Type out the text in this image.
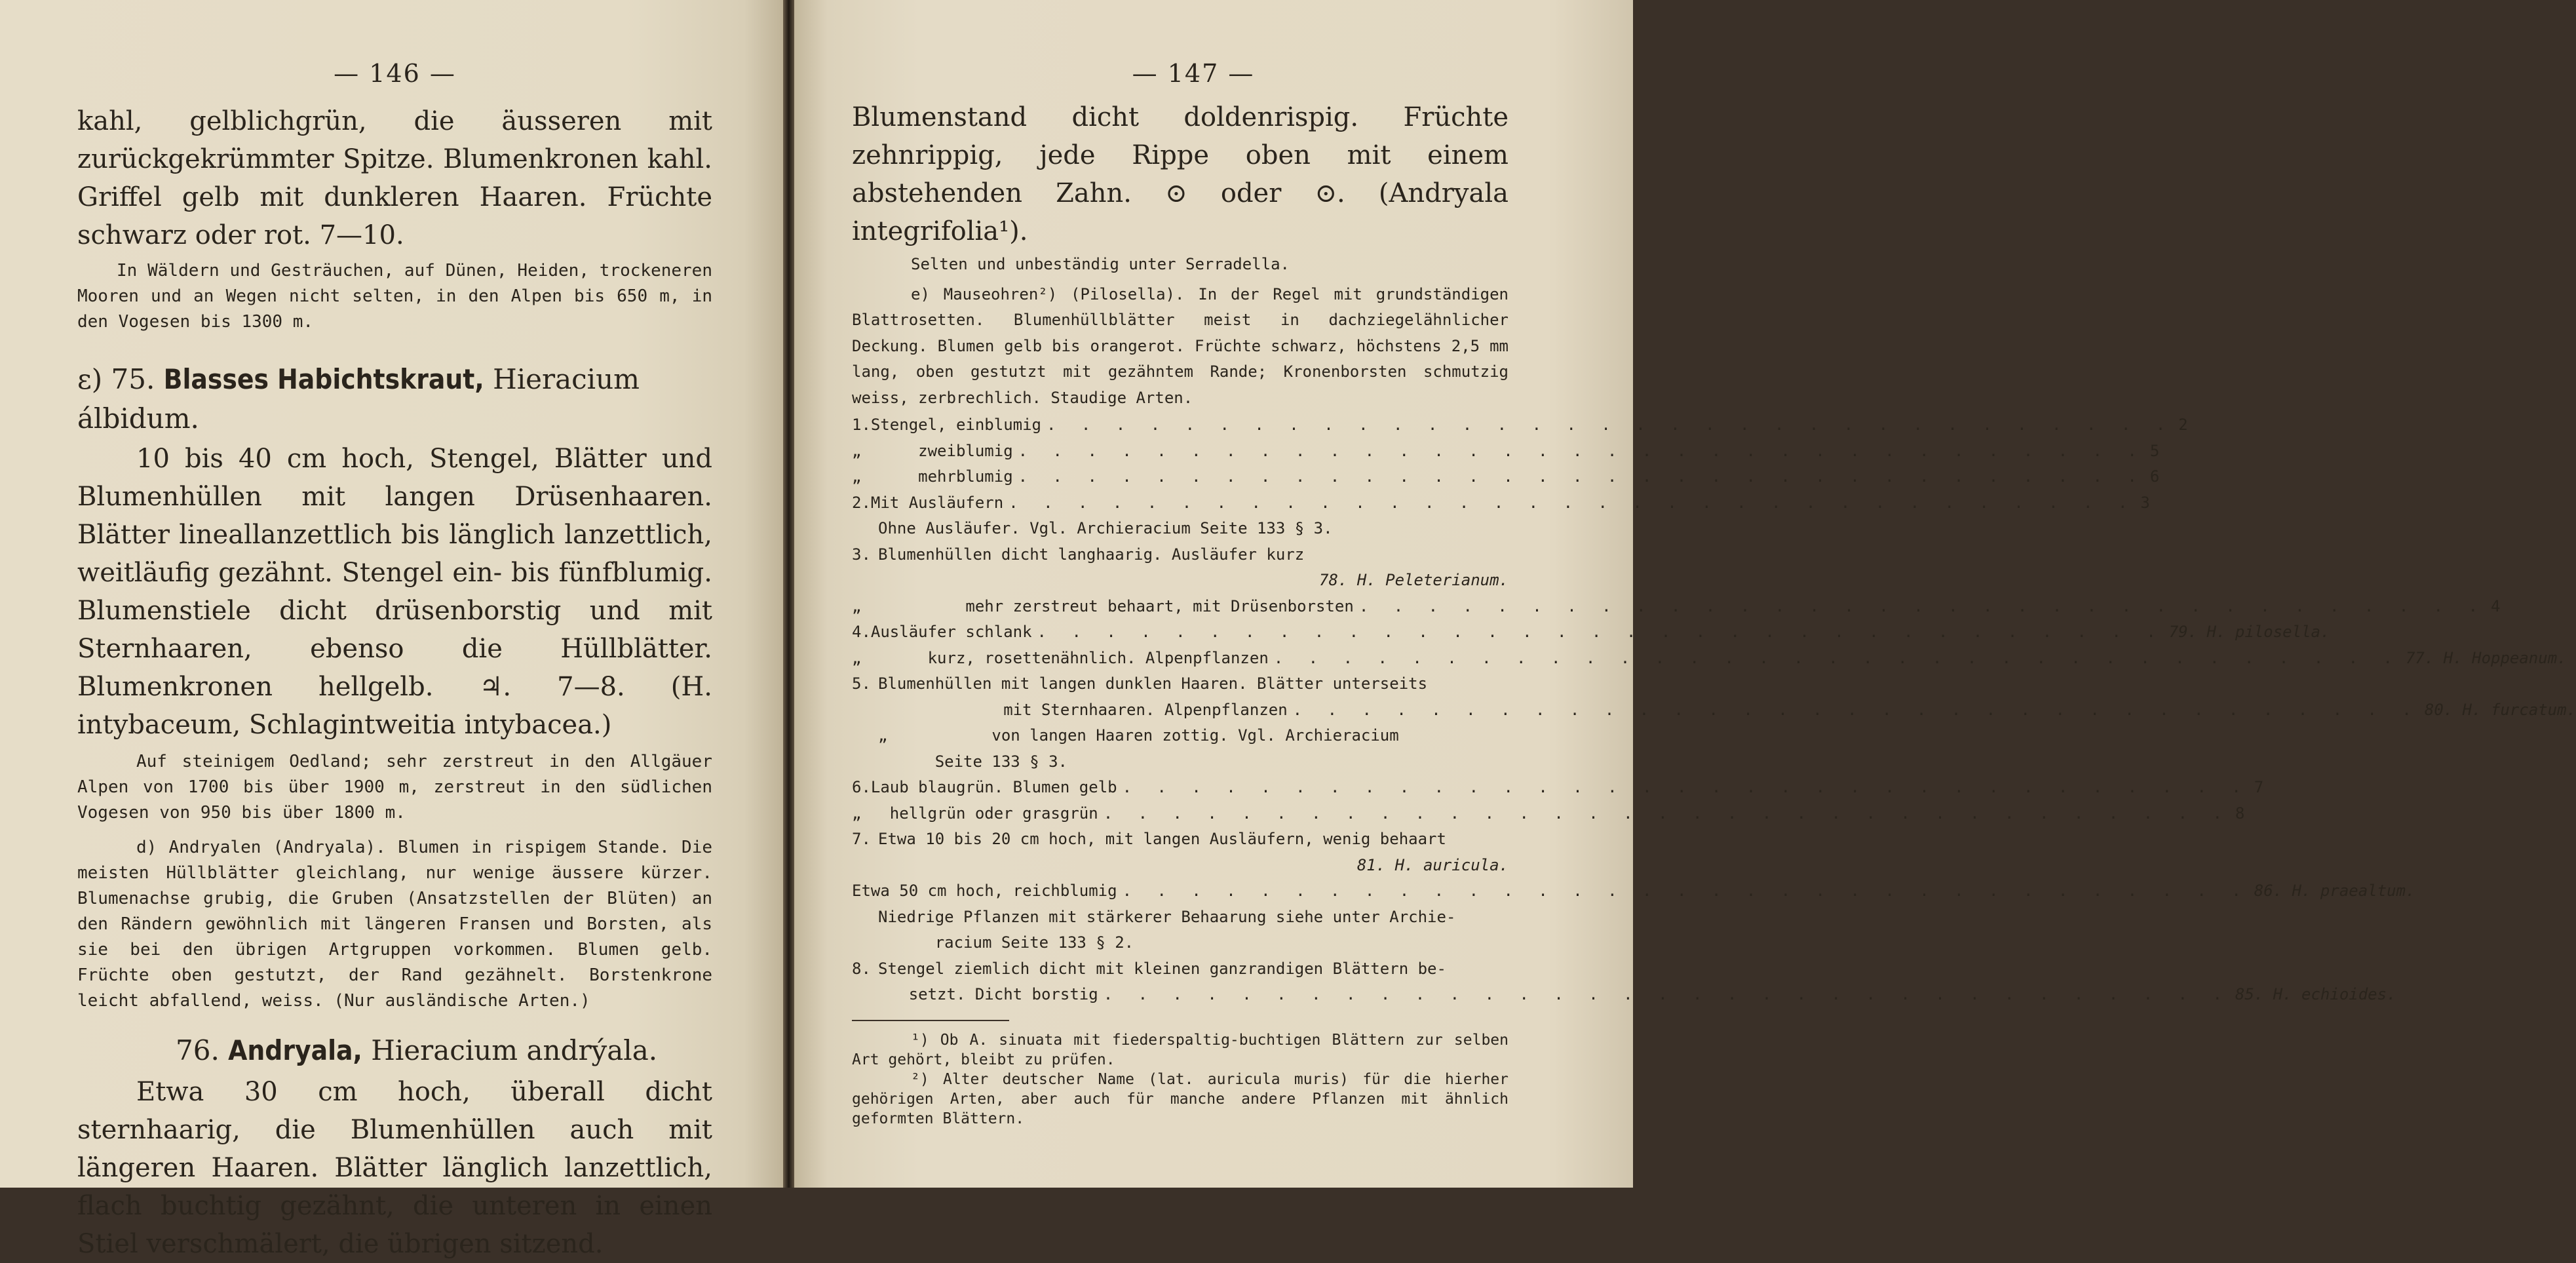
— 146 —
kahl, gelblichgrün, die äusseren mit zurückgekrümmter Spitze. Blumenkronen kahl. Griffel gelb mit dunkleren Haaren. Früchte schwarz oder rot. 7—10.
In Wäldern und Gesträuchen, auf Dünen, Heiden, trockeneren Mooren und an Wegen nicht selten, in den Alpen bis 650 m, in den Vogesen bis 1300 m.
ε) 75. Blasses Habichtskraut, Hieracium álbidum.
10 bis 40 cm hoch, Stengel, Blätter und Blumenhüllen mit langen Drüsenhaaren. Blätter lineallanzettlich bis länglich lanzettlich, weitläufig gezähnt. Stengel ein- bis fünfblumig. Blumenstiele dicht drüsenborstig und mit Sternhaaren, ebenso die Hüllblätter. Blumenkronen hellgelb. ♃. 7—8. (H. intybaceum, Schlagintweitia intybacea.)
Auf steinigem Oedland; sehr zerstreut in den Allgäuer Alpen von 1700 bis über 1900 m, zerstreut in den südlichen Vogesen von 950 bis über 1800 m.
d) Andryalen (Andryala). Blumen in rispigem Stande. Die meisten Hüllblätter gleichlang, nur wenige äussere kürzer. Blumenachse grubig, die Gruben (Ansatzstellen der Blüten) an den Rändern gewöhnlich mit längeren Fransen und Borsten, als sie bei den übrigen Artgruppen vorkommen. Blumen gelb. Früchte oben gestutzt, der Rand gezähnelt. Borstenkrone leicht abfallend, weiss. (Nur ausländische Arten.)
76. Andryala, Hieracium andrýala.
Etwa 30 cm hoch, überall dicht sternhaarig, die Blumenhüllen auch mit längeren Haaren. Blätter länglich lanzettlich, flach buchtig gezähnt, die unteren in einen Stiel verschmälert, die übrigen sitzend.
— 147 —
Blumenstand dicht doldenrispig. Früchte zehnrippig, jede Rippe oben mit einem abstehenden Zahn. ⊙ oder ⊙. (Andryala integrifolia¹).
Selten und unbeständig unter Serradella.
e) Mauseohren²) (Pilosella). In der Regel mit grundständigen Blattrosetten. Blumenhüllblätter meist in dachziegelähnlicher Deckung. Blumen gelb bis orangerot. Früchte schwarz, höchstens 2,5 mm lang, oben gestutzt mit gezähntem Rande; Kronenborsten schmutzig weiss, zerbrechlich. Staudige Arten.
1. Stengel, einblumig . . . . . . . . . . . . . . . . . . . . . . . . . . . . . . . . . 2
„      zweiblumig . . . . . . . . . . . . . . . . . . . . . . . . . . . . . . . . . 5
„      mehrblumig . . . . . . . . . . . . . . . . . . . . . . . . . . . . . . . . . 6
2. Mit Ausläufern . . . . . . . . . . . . . . . . . . . . . . . . . . . . . . . . . 3
Ohne Ausläufer. Vgl. Archieracium Seite 133 § 3.
3. Blumenhüllen dicht langhaarig. Ausläufer kurz
78. H. Peleterianum.
„           mehr zerstreut behaart, mit Drüsenborsten . . . . . . . . . . . . . . . . . . . . . . . . . . . . . . . . . 4
4. Ausläufer schlank . . . . . . . . . . . . . . . . . . . . . . . . . . . . . . . . . 79. H. pilosella.
„       kurz, rosettenähnlich. Alpenpflanzen . . . . . . . . . . . . . . . . . . . . . . . . . . . . . . . . . 77. H. Hoppeanum.
5. Blumenhüllen mit langen dunklen Haaren. Blätter unterseits
mit Sternhaaren. Alpenpflanzen . . . . . . . . . . . . . . . . . . . . . . . . . . . . . . . . . 80. H. furcatum.
„           von langen Haaren zottig. Vgl. Archieracium
Seite 133 § 3.
6. Laub blaugrün. Blumen gelb . . . . . . . . . . . . . . . . . . . . . . . . . . . . . . . . . 7
„   hellgrün oder grasgrün . . . . . . . . . . . . . . . . . . . . . . . . . . . . . . . . . 8
7. Etwa 10 bis 20 cm hoch, mit langen Ausläufern, wenig behaart
81. H. auricula.
Etwa 50 cm hoch, reichblumig . . . . . . . . . . . . . . . . . . . . . . . . . . . . . . . . . 86. H. praealtum.
Niedrige Pflanzen mit stärkerer Behaarung siehe unter Archie-
racium Seite 133 § 2.
8. Stengel ziemlich dicht mit kleinen ganzrandigen Blättern be-
setzt. Dicht borstig . . . . . . . . . . . . . . . . . . . . . . . . . . . . . . . . . 85. H. echioides.
¹) Ob A. sinuata mit fiederspaltig-buchtigen Blättern zur selben Art gehört, bleibt zu prüfen.
²) Alter deutscher Name (lat. auricula muris) für die hierher gehörigen Arten, aber auch für manche andere Pflanzen mit ähnlich geformten Blättern.
